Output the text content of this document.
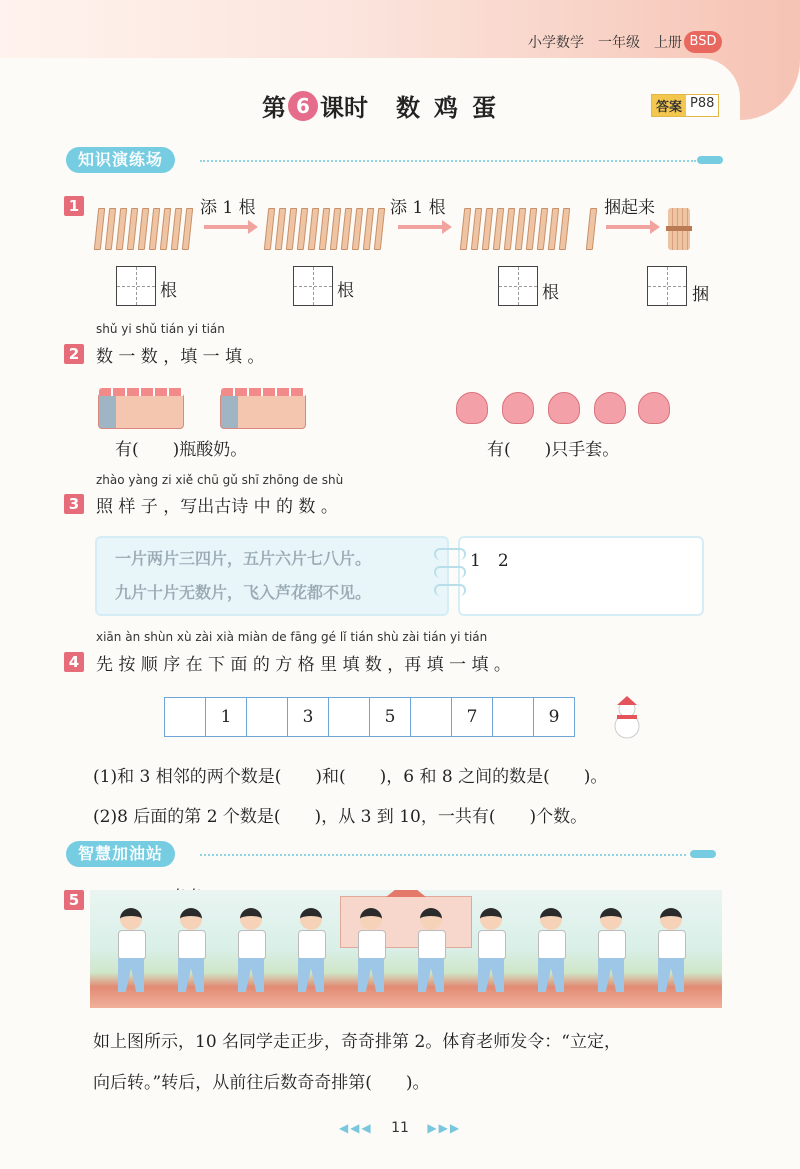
小学数学 一年级 上册 BSD
第 6 课时 数鸡蛋	答案 P88
知识演练场
1	添 1 根	添 1 根	捆起来
根	根	根	捆
shǔ yi shǔ tián yi tián
2 数 一 数 ，填 一 填 。
有(　　)瓶酸奶。	有(　　)只手套。
zhào yàng zi xiě chū gǔ shī zhōng de shù
3 照 样 子 ，写出古诗 中 的 数 。
一片两片三四片，五片六片七八片。
九片十片无数片，飞入芦花都不见。
1　2
xiān àn shùn xù zài xià miàn de fāng gé lǐ tián shù zài tián yi tián
4 先 按 顺 序 在 下 面 的 方 格 里 填 数 ，再 填 一 填 。
1	3	5	7	9
(1)和 3 相邻的两个数是(　　)和(　　)，6 和 8 之间的数是(　　)。
(2)8 后面的第 2 个数是(　　)，从 3 到 10，一共有(　　)个数。
智慧加油站
5
如上图所示，10 名同学走正步，奇奇排第 2。体育老师发令：“立定，
向后转。”转后，从前往后数奇奇排第(　　)。
◀◀◀ 11 ▶▶▶
